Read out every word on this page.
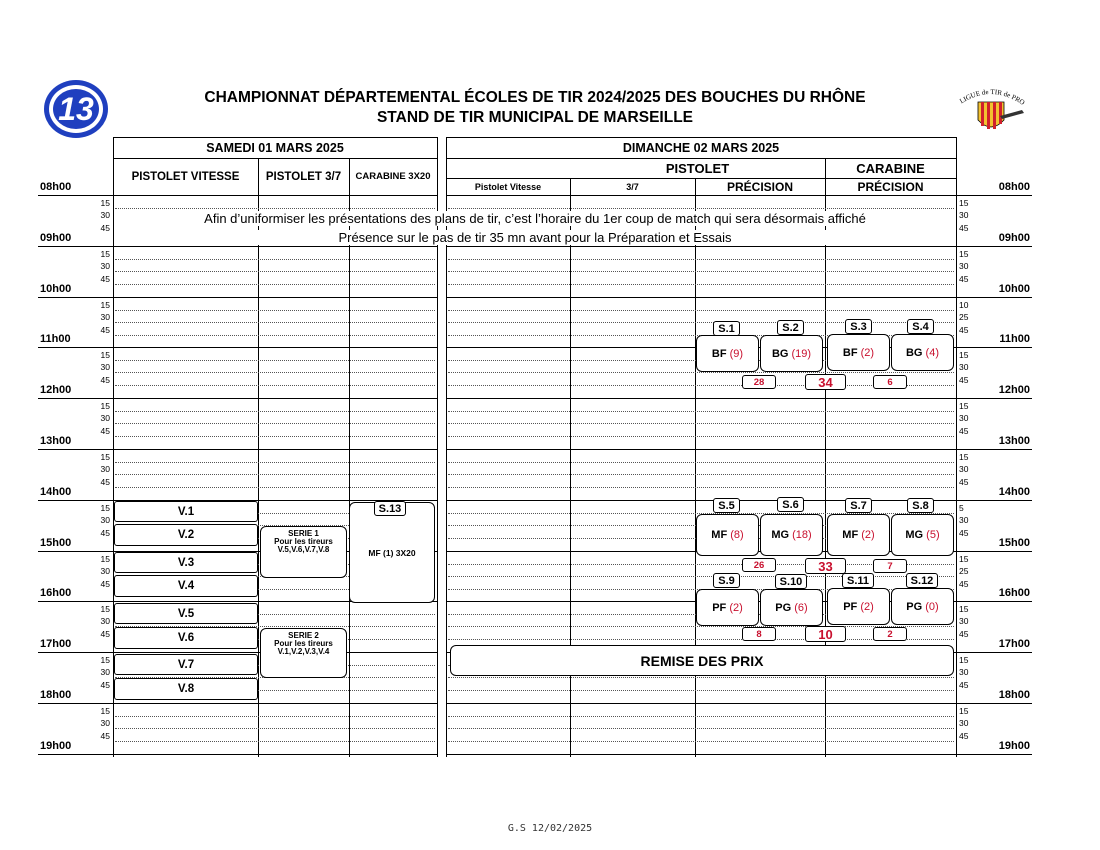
13	CHAMPIONNAT DÉPARTEMENTAL ÉCOLES DE TIR 2024/2025 DES BOUCHES DU RHÔNE
STAND DE TIR MUNICIPAL DE MARSEILLE
LIGUE de TIR de PRO
SAMEDI 01 MARS 2025	DIMANCHE 02 MARS 2025
PISTOLET	CARABINE
PISTOLET VITESSE	PISTOLET 3/7	CARABINE 3X20
Pistolet Vitesse	3/7	PRÉCISION	PRÉCISION
08h00	08h00
15	15
30	30
45	45
09h00	09h00
15	15
30	30
45	45
10h00	10h00
15	10
30	25
45	45
11h00	11h00
15	15
30	30
45	45
12h00	12h00
15	15
30	30
45	45
13h00	13h00
15	15
30	30
45	45
14h00	14h00
15	5
30	30
45	45
15h00	15h00
15	15
30	25
45	45
16h00	16h00
15	15
30	30
45	45
17h00	17h00
15	15
30	30
45	45
18h00	18h00
15	15
30	30
45	45
19h00	19h00
Afin d’uniformiser les présentations des plans de tir, c’est l’horaire du 1er coup de match qui sera désormais affiché
Présence sur le pas de tir 35 mn avant pour la Préparation et Essais
V.1
V.2
V.3
V.4
V.5
V.6
V.7
V.8
SERIE 1
Pour les tireurs
V.5,V.6,V.7,V.8
SERIE 2
Pour les tireurs
V.1,V.2,V.3,V.4
MF (1) 3X20
S.13
BF
(9)	BG
(19)	BF
(2)	BG
(4)
S.1	S.2	S.3	S.4
28	34	6
MF
(8)	MG
(18)	MF
(2)	MG
(5)
S.5	S.6	S.7	S.8
26	33	7
PF
(2)	PG
(6)	PF
(2)	PG
(0)
S.9	S.10	S.11	S.12
8	10	2
REMISE DES PRIX
G.S 12/02/2025
